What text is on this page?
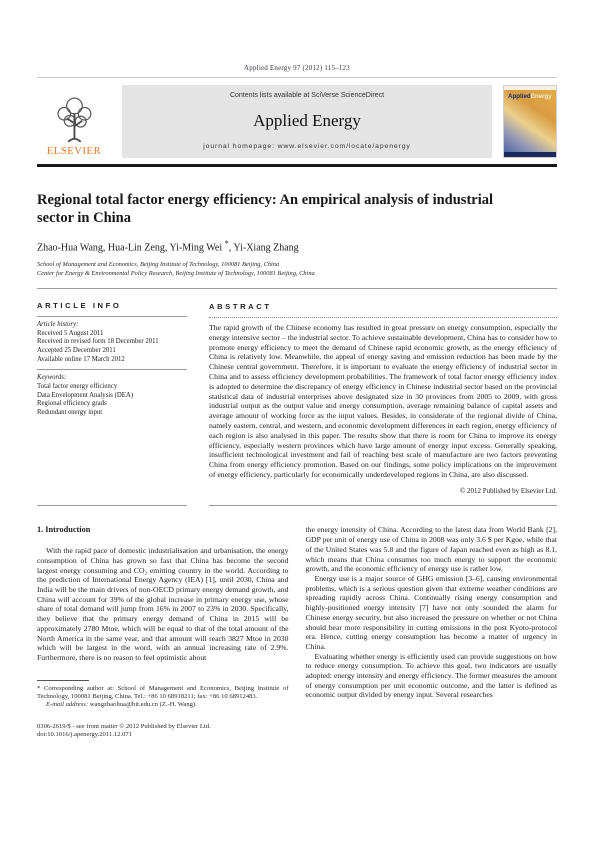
Applied Energy 97 (2012) 115–123
ELSEVIER
Contents lists available at SciVerse ScienceDirect
Applied Energy
journal homepage: www.elsevier.com/locate/apenergy
AppliedEnergy
Regional total factor energy efficiency: An empirical analysis of industrial sector in China
Zhao-Hua Wang, Hua-Lin Zeng, Yi-Ming Wei *, Yi-Xiang Zhang
School of Management and Economics, Beijing Institute of Technology, 100081 Beijing, China
Center for Energy & Environmental Policy Research, Beijing Institute of Technology, 100081 Beijing, China
ARTICLE INFO
Article history:
Received 5 August 2011
Received in revised form 18 December 2011
Accepted 25 December 2011
Available online 17 March 2012
Keywords:
Total factor energy efficiency
Data Envelopment Analysis (DEA)
Regional efficiency grads
Redundant energy input
ABSTRACT
The rapid growth of the Chinese economy has resulted in great pressure on energy consumption, especially the energy intensive sector – the industrial sector. To achieve sustainable development, China has to consider how to promote energy efficiency to meet the demand of Chinese rapid economic growth, as the energy efficiency of China is relatively low. Meanwhile, the appeal of energy saving and emission reduction has been made by the Chinese central government. Therefore, it is important to evaluate the energy efficiency of industrial sector in China and to assess efficiency development probabilities. The framework of total factor energy efficiency index is adopted to determine the discrepancy of energy efficiency in Chinese industrial sector based on the provincial statistical data of industrial enterprises above designated size in 30 provinces from 2005 to 2009, with gross industrial output as the output value and energy consumption, average remaining balance of capital assets and average amount of working force as the input values. Besides, in considerate of the regional divide of China, namely eastern, central, and western, and economic development differences in each region, energy efficiency of each region is also analysed in this paper. The results show that there is room for China to improve its energy efficiency, especially western provinces which have large amount of energy input excess. Generally speaking, insufficient technological investment and fail of reaching best scale of manufacture are two factors preventing China from energy efficiency promotion. Based on our findings, some policy implications on the improvement of energy efficiency, particularly for economically underdeveloped regions in China, are also discussed.
© 2012 Published by Elsevier Ltd.
1. Introduction

With the rapid pace of domestic industrialisation and urbanisation, the energy consumption of China has grown so fast that China has become the second largest energy consuming and CO₂ emitting country in the world. According to the prediction of International Energy Agency (IEA) [1], until 2030, China and India will be the main drivers of non-OECD primary energy demand growth, and China will account for 39% of the global increase in primary energy use, whose share of total demand will jump from 16% in 2007 to 23% in 2030. Specifically, they believe that the primary energy demand of China in 2015 will be approximately 2780 Mtoe, which will be equal to that of the total amount of the North America in the same year, and that amount will reach 3827 Mtoe in 2030 which will be largest in the word, with an annual increasing rate of 2.9%. Furthermore, there is no reason to feel optimistic about

* Corresponding author at: School of Management and Economics, Beijing Institute of Technology, 100081 Beijing, China. Tel.: +86 10 68918211; fax: +86 10 68912483.

E-mail address: wangzhaohua@bit.edu.cn (Z.-H. Wang).

0306-2619/$ - see front matter © 2012 Published by Elsevier Ltd.
doi:10.1016/j.apenergy.2011.12.071

the energy intensity of China. According to the latest data from World Bank [2], GDP per unit of energy use of China in 2008 was only 3.6 $ per Kgoe, while that of the United States was 5.8 and the figure of Japan reached even as high as 8.1, which means that China consumes too much energy to support the economic growth, and the economic efficiency of energy use is rather low.

Energy use is a major source of GHG emission [3–6], causing environmental problems, which is a serious question given that extreme weather conditions are spreading rapidly across China. Continually rising energy consumption and highly-positioned energy intensity [7] have not only sounded the alarm for Chinese energy security, but also increased the pressure on whether or not China should bear more responsibility in cutting emissions in the post Kyoto-protocol era. Hence, cutting energy consumption has become a matter of urgency in China.

Evaluating whether energy is efficiently used can provide suggestions on how to reduce energy consumption. To achieve this goal, two indicators are usually adopted: energy intensity and energy efficiency. The former measures the amount of energy consumption per unit economic outcome, and the latter is defined as economic output divided by energy input. Several researches
